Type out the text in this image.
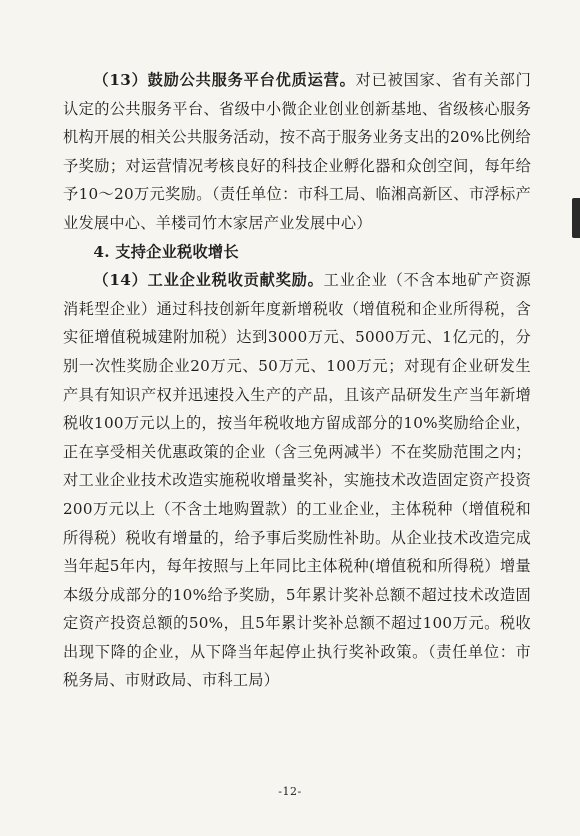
（13）鼓励公共服务平台优质运营。对已被国家、省有关部门认定的公共服务平台、省级中小微企业创业创新基地、省级核心服务机构开展的相关公共服务活动，按不高于服务业务支出的20%比例给予奖励；对运营情况考核良好的科技企业孵化器和众创空间，每年给予10～20万元奖励。（责任单位：市科工局、临湘高新区、市浮标产业发展中心、羊楼司竹木家居产业发展中心）

4. 支持企业税收增长

（14）工业企业税收贡献奖励。工业企业（不含本地矿产资源消耗型企业）通过科技创新年度新增税收（增值税和企业所得税，含实征增值税城建附加税）达到3000万元、5000万元、1亿元的，分别一次性奖励企业20万元、50万元、100万元；对现有企业研发生产具有知识产权并迅速投入生产的产品，且该产品研发生产当年新增税收100万元以上的，按当年税收地方留成部分的10%奖励给企业，正在享受相关优惠政策的企业（含三免两减半）不在奖励范围之内；对工业企业技术改造实施税收增量奖补，实施技术改造固定资产投资200万元以上（不含土地购置款）的工业企业，主体税种（增值税和所得税）税收有增量的，给予事后奖励性补助。从企业技术改造完成当年起5年内，每年按照与上年同比主体税种(增值税和所得税）增量本级分成部分的10%给予奖励，5年累计奖补总额不超过技术改造固定资产投资总额的50%，且5年累计奖补总额不超过100万元。税收出现下降的企业，从下降当年起停止执行奖补政策。（责任单位：市税务局、市财政局、市科工局）

-12-
